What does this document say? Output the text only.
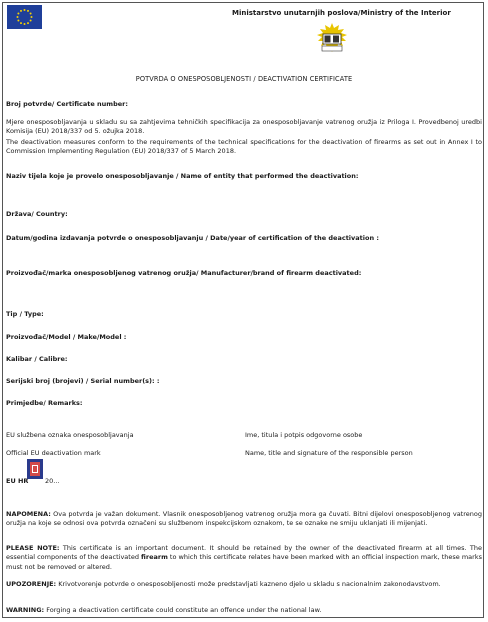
Ministarstvo unutarnjih poslova/Ministry of the Interior
POTVRDA O ONESPOSOBLJENOSTI / DEACTIVATION CERTIFICATE
Broj potvrde/ Certificate number:
Mjere onesposobljavanja u skladu su sa zahtjevima tehničkih specifikacija za onesposobljavanje vatrenog oružja iz Priloga I. Provedbenoj uredbi Komisija (EU) 2018/337 od 5. ožujka 2018.
The deactivation measures conform to the requirements of the technical specifications for the deactivation of firearms as set out in Annex I to Commission Implementing Regulation (EU) 2018/337 of 5 March 2018.
Naziv tijela koje je provelo onesposobljavanje / Name of entity that performed the deactivation:
Država/ Country:
Datum/godina izdavanja potvrde o onesposobljavanju / Date/year of certification of the deactivation :
Proizvođač/marka onesposobljenog vatrenog oružja/ Manufacturer/brand of firearm deactivated:
Tip / Type:
Proizvođač/Model / Make/Model :
Kalibar / Calibre:
Serijski broj (brojevi) / Serial number(s): :
Primjedbe/ Remarks:
EU službena oznaka onesposobljavanja	Ime, titula i potpis odgovorne osobe
Official EU deactivation mark	Name, title and signature of the responsible person
EU HR	20...
NAPOMENA: Ova potvrda je važan dokument. Vlasnik onesposobljenog vatrenog oružja mora ga čuvati. Bitni dijelovi onesposobljenog vatrenog oružja na koje se odnosi ova potvrda označeni su službenom inspekcijskom oznakom, te se oznake ne smiju uklanjati ili mijenjati.
PLEASE NOTE: This certificate is an important document. It should be retained by the owner of the deactivated firearm at all times. The essential components of the deactivated firearm to which this certificate relates have been marked with an official inspection mark, these marks must not be removed or altered.
UPOZORENJE: Krivotvorenje potvrde o onesposobljenosti može predstavljati kazneno djelo u skladu s nacionalnim zakonodavstvom.
WARNING: Forging a deactivation certificate could constitute an offence under the national law.
